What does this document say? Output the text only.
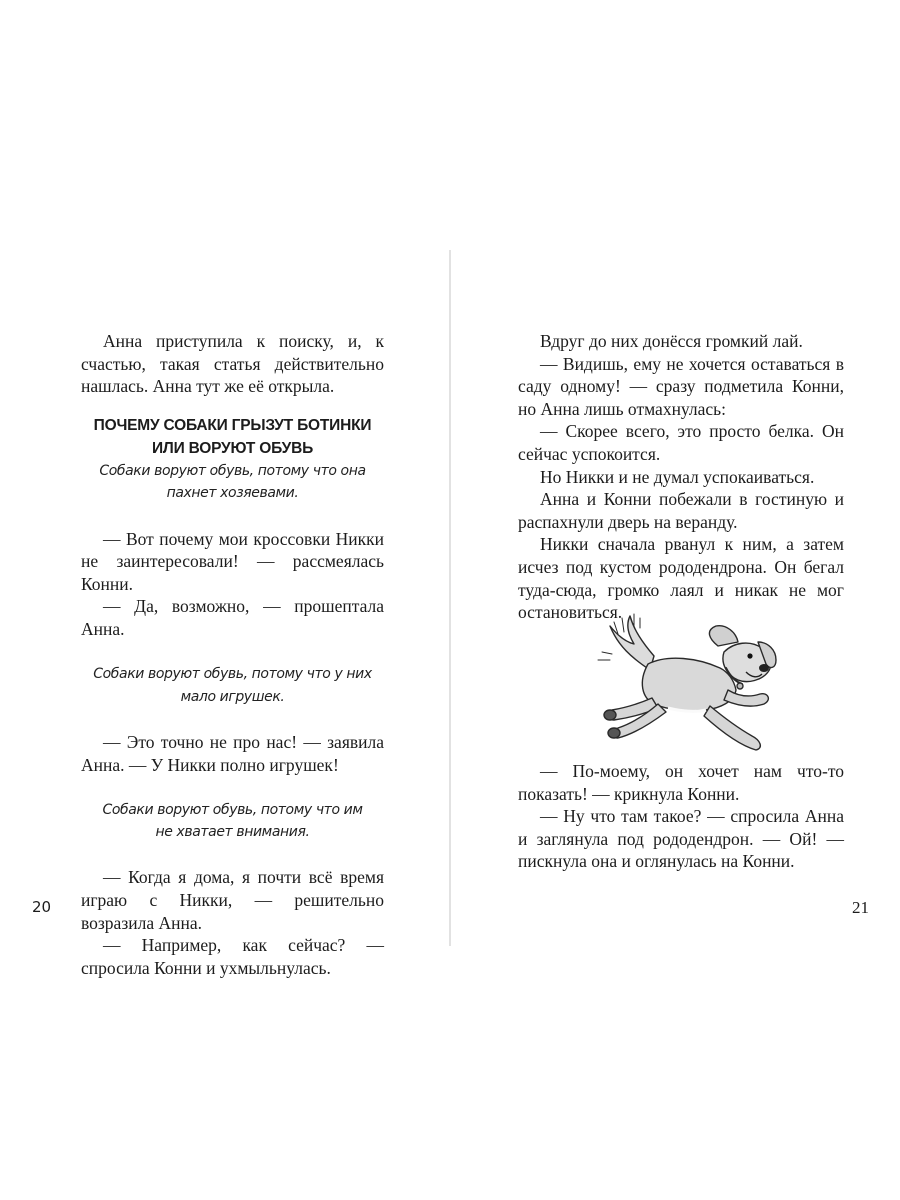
Анна приступила к поиску, и, к счастью, такая статья действительно нашлась. Анна тут же её открыла.

ПОЧЕМУ СОБАКИ ГРЫЗУТ БОТИНКИ

ИЛИ ВОРУЮТ ОБУВЬ

Собаки воруют обувь, потому что она
пахнет хозяевами.

— Вот почему мои кроссовки Никки не заинтересовали! — рассмеялась Конни.

— Да, возможно, — прошептала Анна.

Собаки воруют обувь, потому что у них
мало игрушек.

— Это точно не про нас! — заявила Анна. — У Никки полно игрушек!

Собаки воруют обувь, потому что им
не хватает внимания.

— Когда я дома, я почти всё время играю с Никки, — решительно возразила Анна.

— Например, как сейчас? — спросила Конни и ухмыльнулась.

20

Вдруг до них донёсся громкий лай.

— Видишь, ему не хочется оставаться в саду одному! — сразу подметила Конни, но Анна лишь отмахнулась:

— Скорее всего, это просто белка. Он сейчас успокоится.

Но Никки и не думал успокаиваться.

Анна и Конни побежали в гостиную и распахнули дверь на веранду.

Никки сначала рванул к ним, а затем исчез под кустом рододендрона. Он бегал туда-сюда, громко лаял и никак не мог остановиться.

— По-моему, он хочет нам что-то показать! — крикнула Конни.

— Ну что там такое? — спросила Анна и заглянула под рододендрон. — Ой! — пискнула она и оглянулась на Конни.

21
